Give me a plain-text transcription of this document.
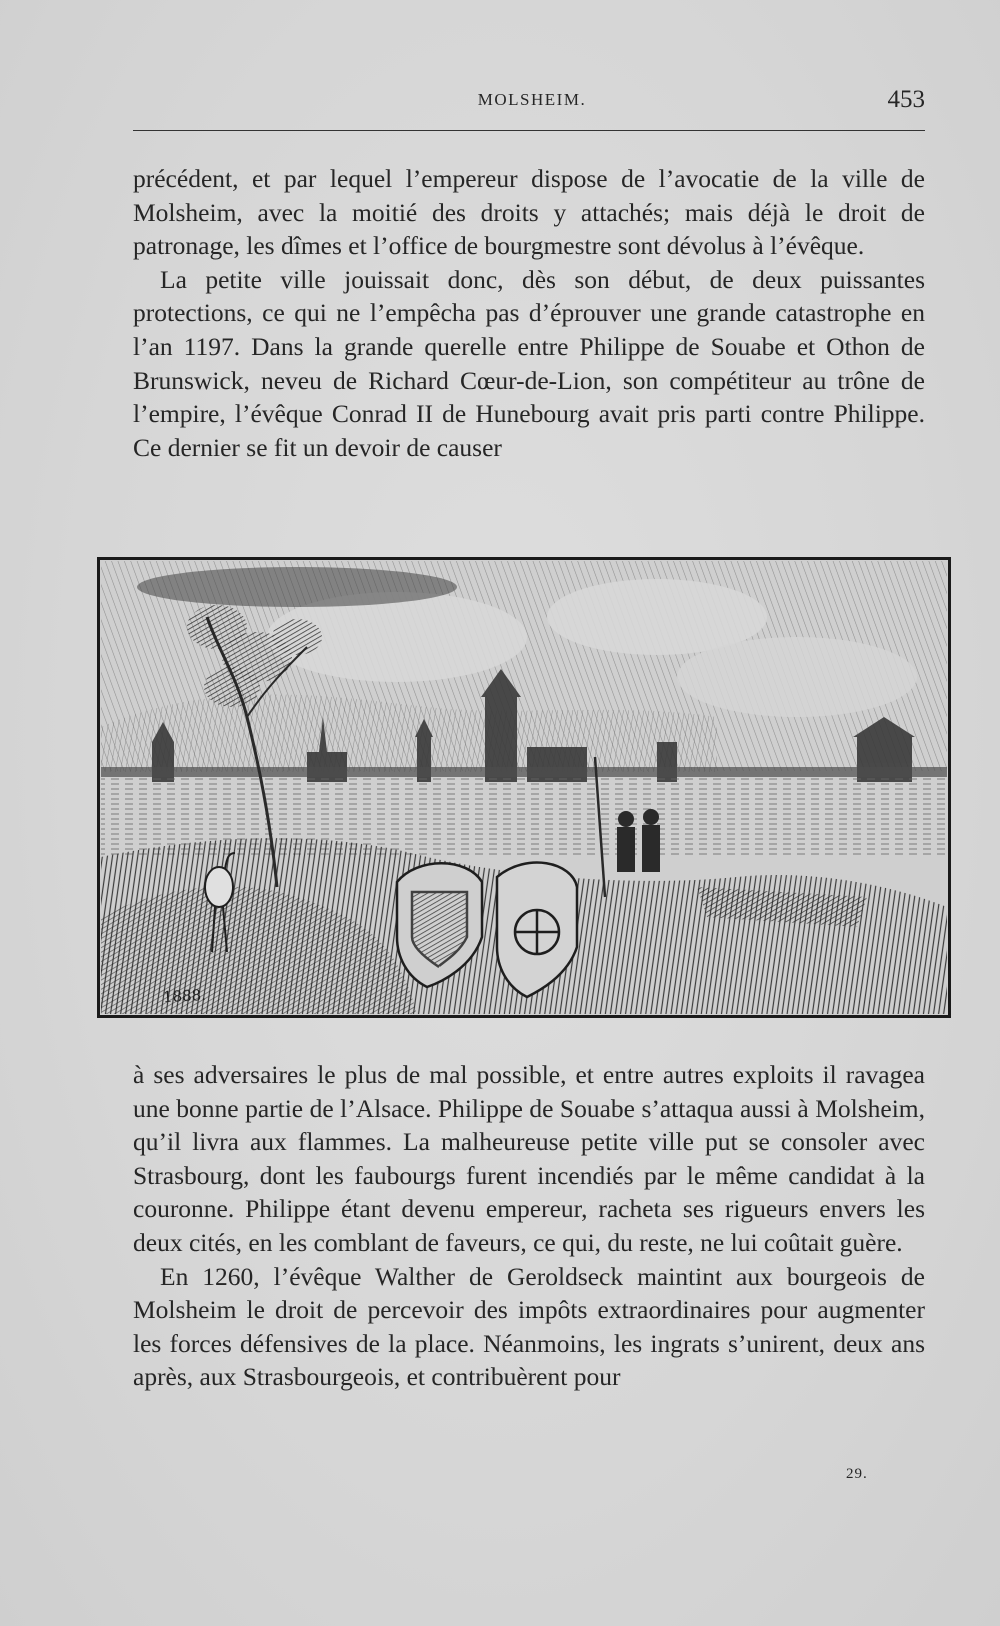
MOLSHEIM.	453

précédent, et par lequel l’empereur dispose de l’avocatie de la ville de Molsheim, avec la moitié des droits y attachés; mais déjà le droit de patronage, les dîmes et l’office de bourgmestre sont dévolus à l’évêque.

La petite ville jouissait donc, dès son début, de deux puissantes protections, ce qui ne l’empêcha pas d’éprouver une grande catastrophe en l’an 1197. Dans la grande querelle entre Philippe de Souabe et Othon de Brunswick, neveu de Richard Cœur-de-Lion, son compétiteur au trône de l’empire, l’évêque Conrad II de Hunebourg avait pris parti contre Philippe. Ce dernier se fit un devoir de causer

1888.

à ses adversaires le plus de mal possible, et entre autres exploits il ravagea une bonne partie de l’Alsace. Philippe de Souabe s’attaqua aussi à Molsheim, qu’il livra aux flammes. La malheureuse petite ville put se consoler avec Strasbourg, dont les faubourgs furent incendiés par le même candidat à la couronne. Philippe étant devenu empereur, racheta ses rigueurs envers les deux cités, en les comblant de faveurs, ce qui, du reste, ne lui coûtait guère.

En 1260, l’évêque Walther de Geroldseck maintint aux bourgeois de Molsheim le droit de percevoir des impôts extraordinaires pour augmenter les forces défensives de la place. Néanmoins, les ingrats s’unirent, deux ans après, aux Strasbourgeois, et contribuèrent pour

29.
